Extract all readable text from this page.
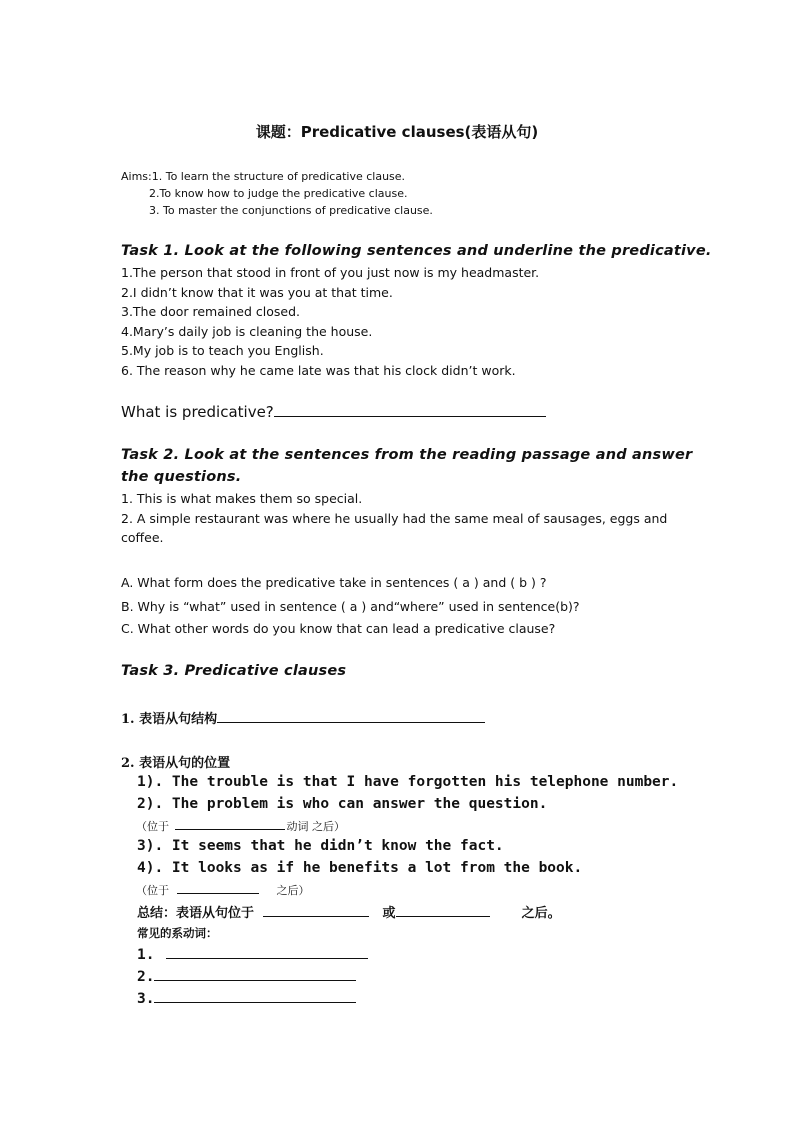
课题：Predicative clauses(表语从句)
Aims:1. To learn the structure of predicative clause.
2.To know how to judge the predicative clause.
3. To master the conjunctions of predicative clause.
Task 1. Look at the following sentences and underline the predicative.
1.The person that stood in front of you just now is my headmaster.
2.I didn’t know that it was you at that time.
3.The door remained closed.
4.Mary’s daily job is cleaning the house.
5.My job is to teach you English.
6. The reason why he came late was that his clock didn’t work.
What is predicative?
Task 2. Look at the sentences from the reading passage and answer
the questions.
1. This is what makes them so special.
2. A simple restaurant was where he usually had the same meal of sausages, eggs and
coffee.
A. What form does the predicative take in sentences ( a ) and ( b ) ?
B. Why is “what” used in sentence ( a ) and“where” used in sentence(b)?
C. What other words do you know that can lead a predicative clause?
Task 3. Predicative clauses
1. 表语从句结构
2. 表语从句的位置
1). The trouble is that I have forgotten his telephone number.
2). The problem is who can answer the question.
（位于	动词 之后）
3). It seems that he didn’t know the fact.
4). It looks as if he benefits a lot from the book.
（位于	之后）
总结：表语从句位于	或	之后。
常见的系动词：
1.
2.
3.
